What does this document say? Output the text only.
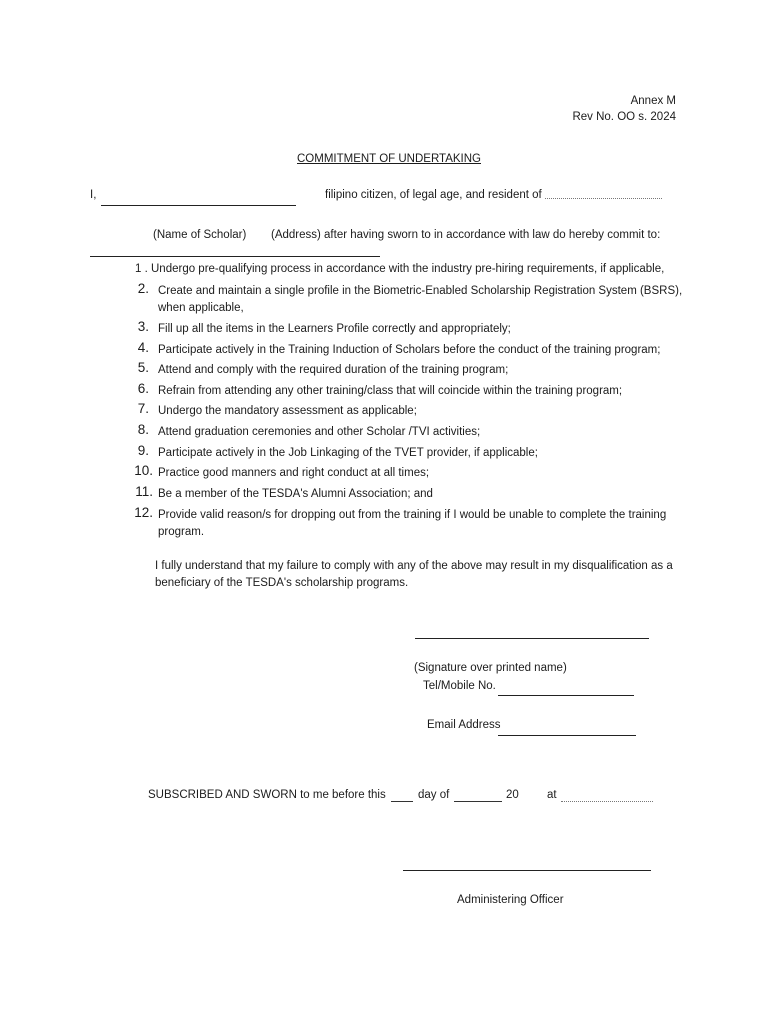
Annex M
Rev No. OO s. 2024
COMMITMENT OF UNDERTAKING
I,	filipino citizen, of legal age, and resident of
(Name of Scholar) (Address) after having sworn to in accordance with law do hereby commit to:
1 . Undergo pre-qualifying process in accordance with the industry pre-hiring requirements, if applicable,
2. Create and maintain a single profile in the Biometric-Enabled Scholarship Registration System (BSRS), when applicable,
3. Fill up all the items in the Learners Profile correctly and appropriately;
4. Participate actively in the Training Induction of Scholars before the conduct of the training program;
5. Attend and comply with the required duration of the training program;
6. Refrain from attending any other training/class that will coincide within the training program;
7. Undergo the mandatory assessment as applicable;
8. Attend graduation ceremonies and other Scholar /TVI activities;
9. Participate actively in the Job Linkaging of the TVET provider, if applicable;
10. Practice good manners and right conduct at all times;
11. Be a member of the TESDA's Alumni Association; and
12. Provide valid reason/s for dropping out from the training if I would be unable to complete the training program.
I fully understand that my failure to comply with any of the above may result in my disqualification as a beneficiary of the TESDA's scholarship programs.
(Signature over printed name)
Tel/Mobile No.
Email Address
SUBSCRIBED AND SWORN to me before this	day of	20 at
Administering Officer
